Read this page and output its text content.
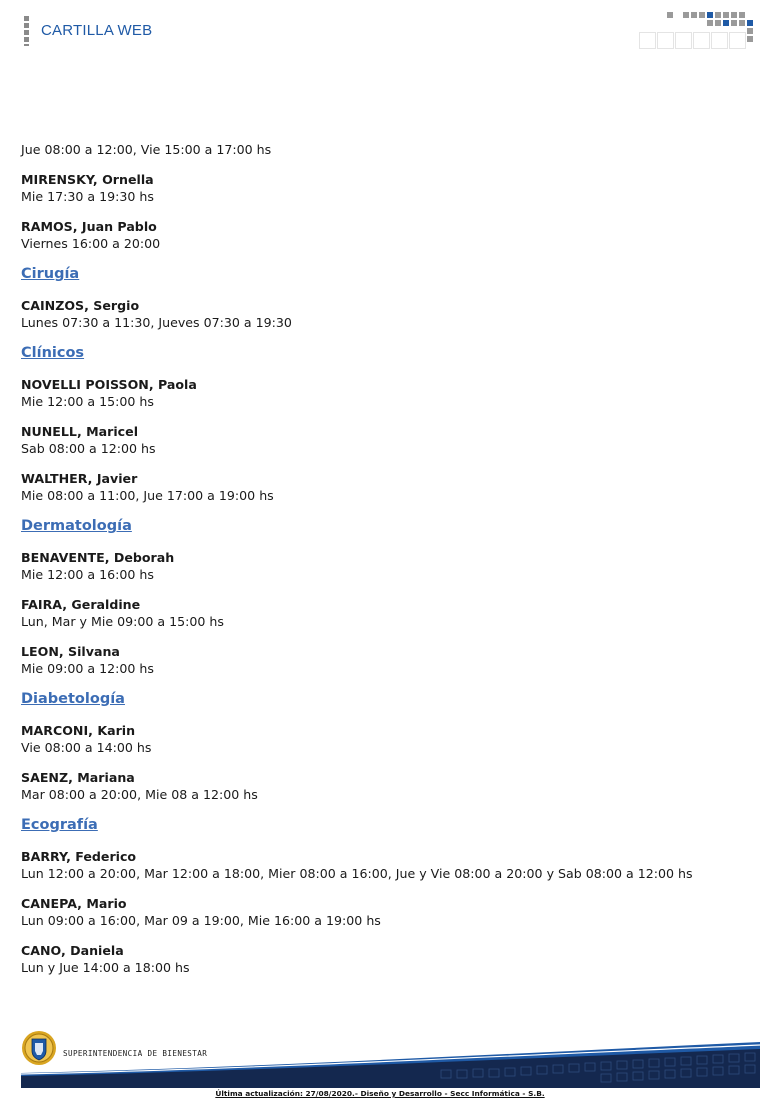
CARTILLA WEB
Jue 08:00 a 12:00, Vie 15:00 a 17:00 hs
MIRENSKY, Ornella
Mie 17:30 a 19:30 hs
RAMOS, Juan Pablo
Viernes 16:00 a 20:00
Cirugía
CAINZOS, Sergio
Lunes 07:30 a 11:30, Jueves 07:30 a 19:30
Clínicos
NOVELLI POISSON, Paola
Mie 12:00 a 15:00 hs
NUNELL, Maricel
Sab 08:00 a 12:00 hs
WALTHER, Javier
Mie 08:00 a 11:00, Jue 17:00 a 19:00 hs
Dermatología
BENAVENTE, Deborah
Mie 12:00 a 16:00 hs
FAIRA, Geraldine
Lun, Mar y Mie 09:00 a 15:00 hs
LEON, Silvana
Mie 09:00 a 12:00 hs
Diabetología
MARCONI, Karin
Vie 08:00 a 14:00 hs
SAENZ, Mariana
Mar 08:00 a 20:00, Mie 08 a 12:00 hs
Ecografía
BARRY, Federico
Lun 12:00 a 20:00, Mar 12:00 a 18:00, Mier 08:00 a 16:00, Jue y Vie 08:00 a 20:00 y Sab 08:00 a 12:00 hs
CANEPA, Mario
Lun 09:00 a 16:00, Mar 09 a 19:00, Mie 16:00 a 19:00 hs
CANO, Daniela
Lun y Jue 14:00 a 18:00 hs
SUPERINTENDENCIA DE BIENESTAR
Última actualización: 27/08/2020.- Diseño y Desarrollo - Secc Informática - S.B.
